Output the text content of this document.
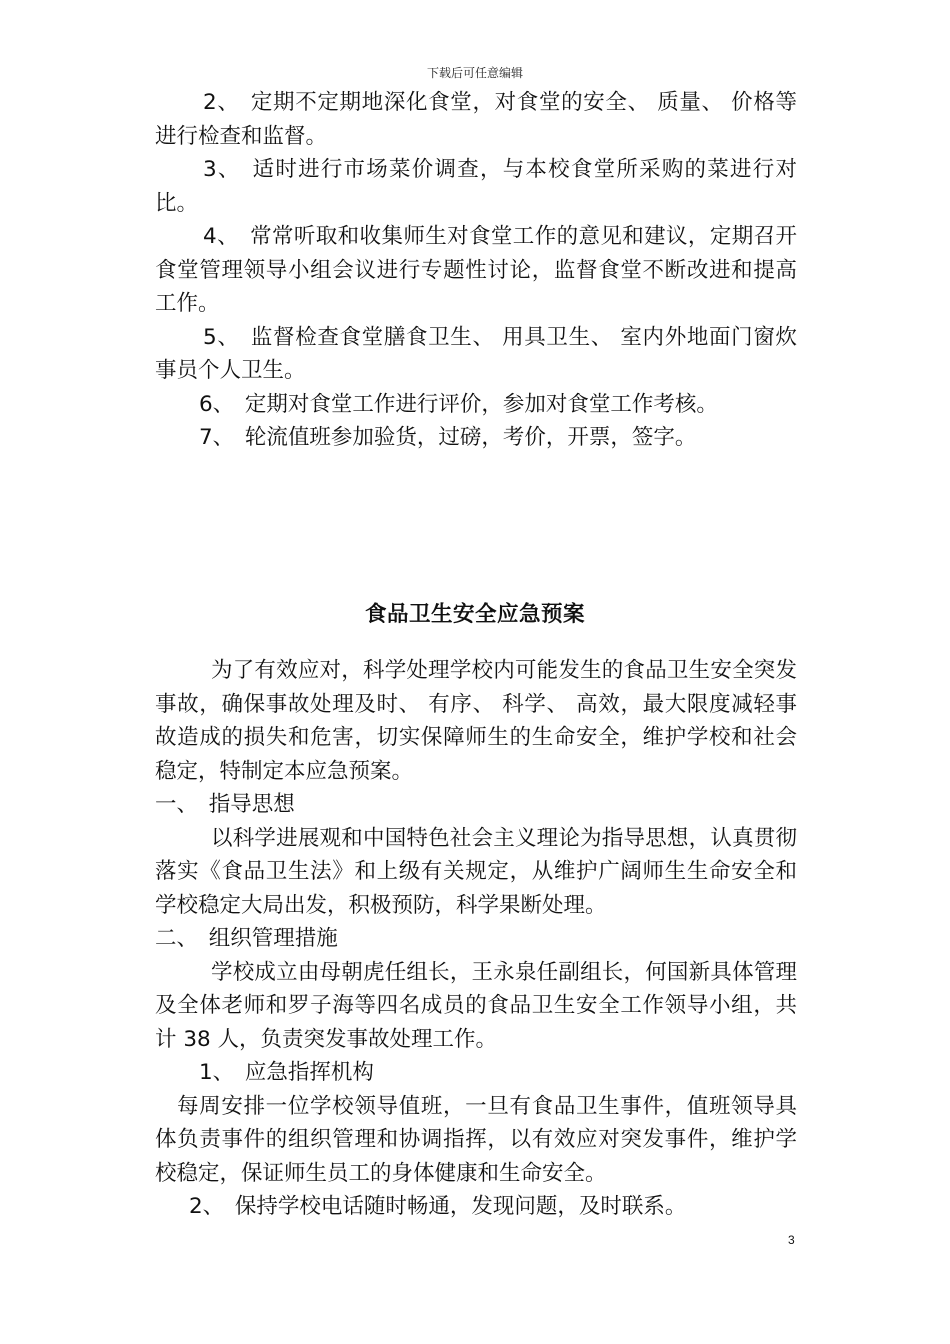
下载后可任意编辑

2、　定期不定期地深化食堂，对食堂的安全、 质量、 价格等进行检查和监督。

3、　适时进行市场菜价调查，与本校食堂所采购的菜进行对比。

4、　常常听取和收集师生对食堂工作的意见和建议，定期召开食堂管理领导小组会议进行专题性讨论，监督食堂不断改进和提高工作。

5、　监督检查食堂膳食卫生、 用具卫生、 室内外地面门窗炊事员个人卫生。

6、　定期对食堂工作进行评价，参加对食堂工作考核。

7、　轮流值班参加验货，过磅，考价，开票，签字。

食品卫生安全应急预案

为了有效应对，科学处理学校内可能发生的食品卫生安全突发事故，确保事故处理及时、 有序、 科学、 高效，最大限度减轻事故造成的损失和危害，切实保障师生的生命安全，维护学校和社会稳定，特制定本应急预案。

一、　指导思想

以科学进展观和中国特色社会主义理论为指导思想，认真贯彻落实《食品卫生法》和上级有关规定，从维护广阔师生生命安全和学校稳定大局出发，积极预防，科学果断处理。

二、　组织管理措施

学校成立由母朝虎任组长，王永泉任副组长，何国新具体管理及全体老师和罗子海等四名成员的食品卫生安全工作领导小组，共计 38 人，负责突发事故处理工作。

1、　应急指挥机构

每周安排一位学校领导值班，一旦有食品卫生事件，值班领导具体负责事件的组织管理和协调指挥，以有效应对突发事件，维护学校稳定，保证师生员工的身体健康和生命安全。

2、　保持学校电话随时畅通，发现问题，及时联系。

3
